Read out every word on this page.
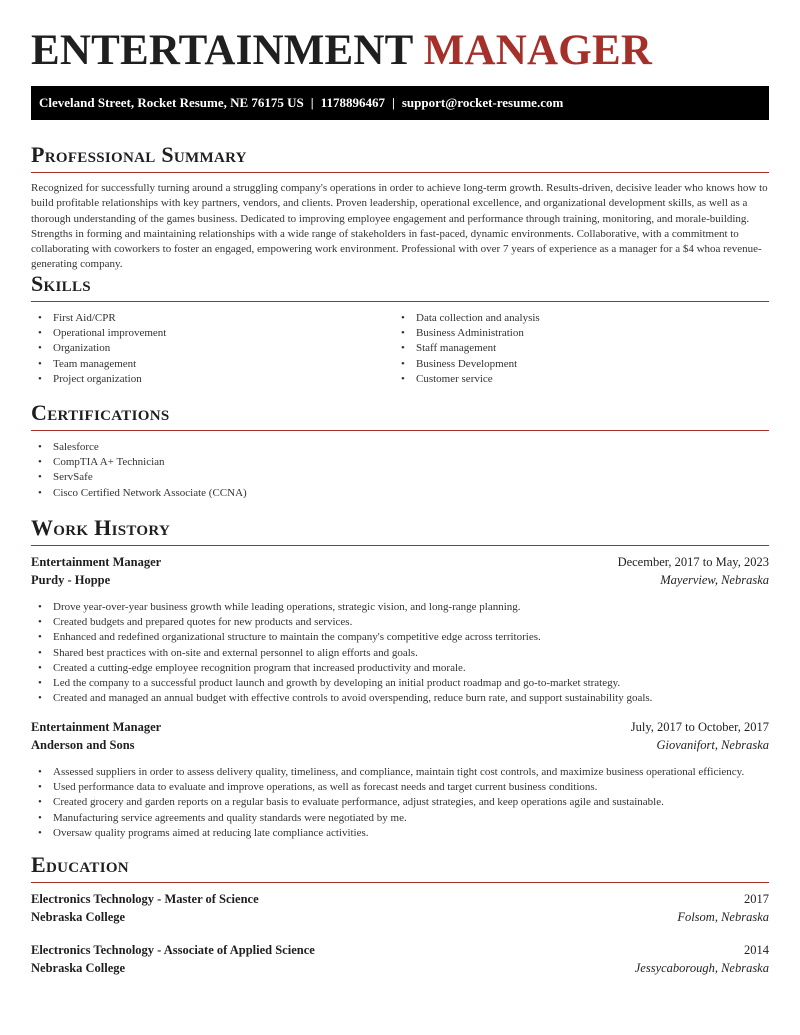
ENTERTAINMENT MANAGER
Cleveland Street, Rocket Resume, NE 76175 US | 1178896467 | support@rocket-resume.com
Professional Summary

Recognized for successfully turning around a struggling company's operations in order to achieve long-term growth. Results-driven, decisive leader who knows how to build profitable relationships with key partners, vendors, and clients. Proven leadership, operational excellence, and organizational development skills, as well as a thorough understanding of the games business. Dedicated to improving employee engagement and performance through training, monitoring, and morale-building. Strengths in forming and maintaining relationships with a wide range of stakeholders in fast-paced, dynamic environments. Collaborative, with a commitment to collaborating with coworkers to foster an engaged, empowering work environment. Professional with over 7 years of experience as a manager for a $4 whoa revenue-generating company.

Skills
• First Aid/CPR
• Operational improvement
• Organization
• Team management
• Project organization
• Data collection and analysis
• Business Administration
• Staff management
• Business Development
• Customer service
Certifications
• Salesforce
• CompTIA A+ Technician
• ServSafe
• Cisco Certified Network Associate (CCNA)
Work History
Entertainment Manager	December, 2017 to May, 2023
Purdy - Hoppe	Mayerview, Nebraska
• Drove year-over-year business growth while leading operations, strategic vision, and long-range planning.
• Created budgets and prepared quotes for new products and services.
• Enhanced and redefined organizational structure to maintain the company's competitive edge across territories.
• Shared best practices with on-site and external personnel to align efforts and goals.
• Created a cutting-edge employee recognition program that increased productivity and morale.
• Led the company to a successful product launch and growth by developing an initial product roadmap and go-to-market strategy.
• Created and managed an annual budget with effective controls to avoid overspending, reduce burn rate, and support sustainability goals.
Entertainment Manager	July, 2017 to October, 2017
Anderson and Sons	Giovanifort, Nebraska
• Assessed suppliers in order to assess delivery quality, timeliness, and compliance, maintain tight cost controls, and maximize business operational efficiency.
• Used performance data to evaluate and improve operations, as well as forecast needs and target current business conditions.
• Created grocery and garden reports on a regular basis to evaluate performance, adjust strategies, and keep operations agile and sustainable.
• Manufacturing service agreements and quality standards were negotiated by me.
• Oversaw quality programs aimed at reducing late compliance activities.
Education
Electronics Technology - Master of Science	2017
Nebraska College	Folsom, Nebraska
Electronics Technology - Associate of Applied Science	2014
Nebraska College	Jessycaborough, Nebraska
